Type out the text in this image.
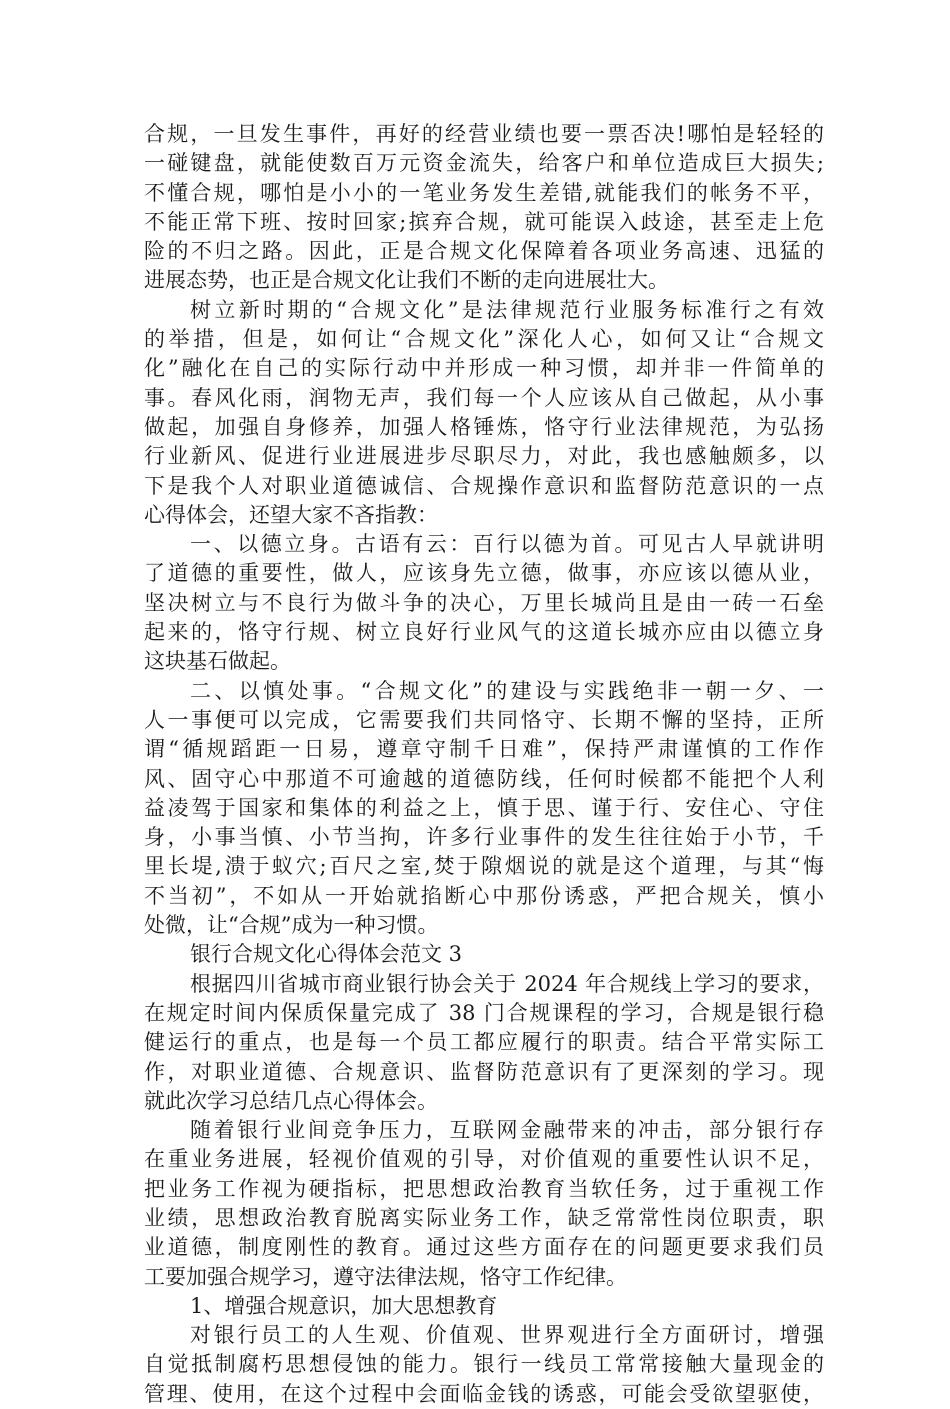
合规，一旦发生事件，再好的经营业绩也要一票否决!哪怕是轻轻的
一碰键盘，就能使数百万元资金流失，给客户和单位造成巨大损失;
不懂合规，哪怕是小小的一笔业务发生差错,就能我们的帐务不平，
不能正常下班、按时回家;摈弃合规，就可能误入歧途，甚至走上危
险的不归之路。因此，正是合规文化保障着各项业务高速、迅猛的
进展态势，也正是合规文化让我们不断的走向进展壮大。
树立新时期的“合规文化”是法律规范行业服务标准行之有效
的举措，但是，如何让“合规文化”深化人心，如何又让“合规文
化”融化在自己的实际行动中并形成一种习惯，却并非一件简单的
事。春风化雨，润物无声，我们每一个人应该从自己做起，从小事
做起，加强自身修养，加强人格锤炼，恪守行业法律规范，为弘扬
行业新风、促进行业进展进步尽职尽力，对此，我也感触颇多，以
下是我个人对职业道德诚信、合规操作意识和监督防范意识的一点
心得体会，还望大家不吝指教：
一、以德立身。古语有云：百行以德为首。可见古人早就讲明
了道德的重要性，做人，应该身先立德，做事，亦应该以德从业，
坚决树立与不良行为做斗争的决心，万里长城尚且是由一砖一石垒
起来的，恪守行规、树立良好行业风气的这道长城亦应由以德立身
这块基石做起。
二、以慎处事。“合规文化”的建设与实践绝非一朝一夕、一
人一事便可以完成，它需要我们共同恪守、长期不懈的坚持，正所
谓“循规蹈距一日易，遵章守制千日难”，保持严肃谨慎的工作作
风、固守心中那道不可逾越的道德防线，任何时候都不能把个人利
益凌驾于国家和集体的利益之上，慎于思、谨于行、安住心、守住
身，小事当慎、小节当拘，许多行业事件的发生往往始于小节，千
里长堤,溃于蚁穴;百尺之室,焚于隙烟说的就是这个道理，与其“悔
不当初”，不如从一开始就掐断心中那份诱惑，严把合规关，慎小
处微，让“合规”成为一种习惯。
银行合规文化心得体会范文 3
根据四川省城市商业银行协会关于 2024 年合规线上学习的要求，
在规定时间内保质保量完成了 38 门合规课程的学习，合规是银行稳
健运行的重点，也是每一个员工都应履行的职责。结合平常实际工
作，对职业道德、合规意识、监督防范意识有了更深刻的学习。现
就此次学习总结几点心得体会。
随着银行业间竞争压力，互联网金融带来的冲击，部分银行存
在重业务进展，轻视价值观的引导，对价值观的重要性认识不足，
把业务工作视为硬指标，把思想政治教育当软任务，过于重视工作
业绩，思想政治教育脱离实际业务工作，缺乏常常性岗位职责，职
业道德，制度刚性的教育。通过这些方面存在的问题更要求我们员
工要加强合规学习，遵守法律法规，恪守工作纪律。
1、增强合规意识，加大思想教育
对银行员工的人生观、价值观、世界观进行全方面研讨，增强
自觉抵制腐朽思想侵蚀的能力。银行一线员工常常接触大量现金的
管理、使用，在这个过程中会面临金钱的诱惑，可能会受欲望驱使，
